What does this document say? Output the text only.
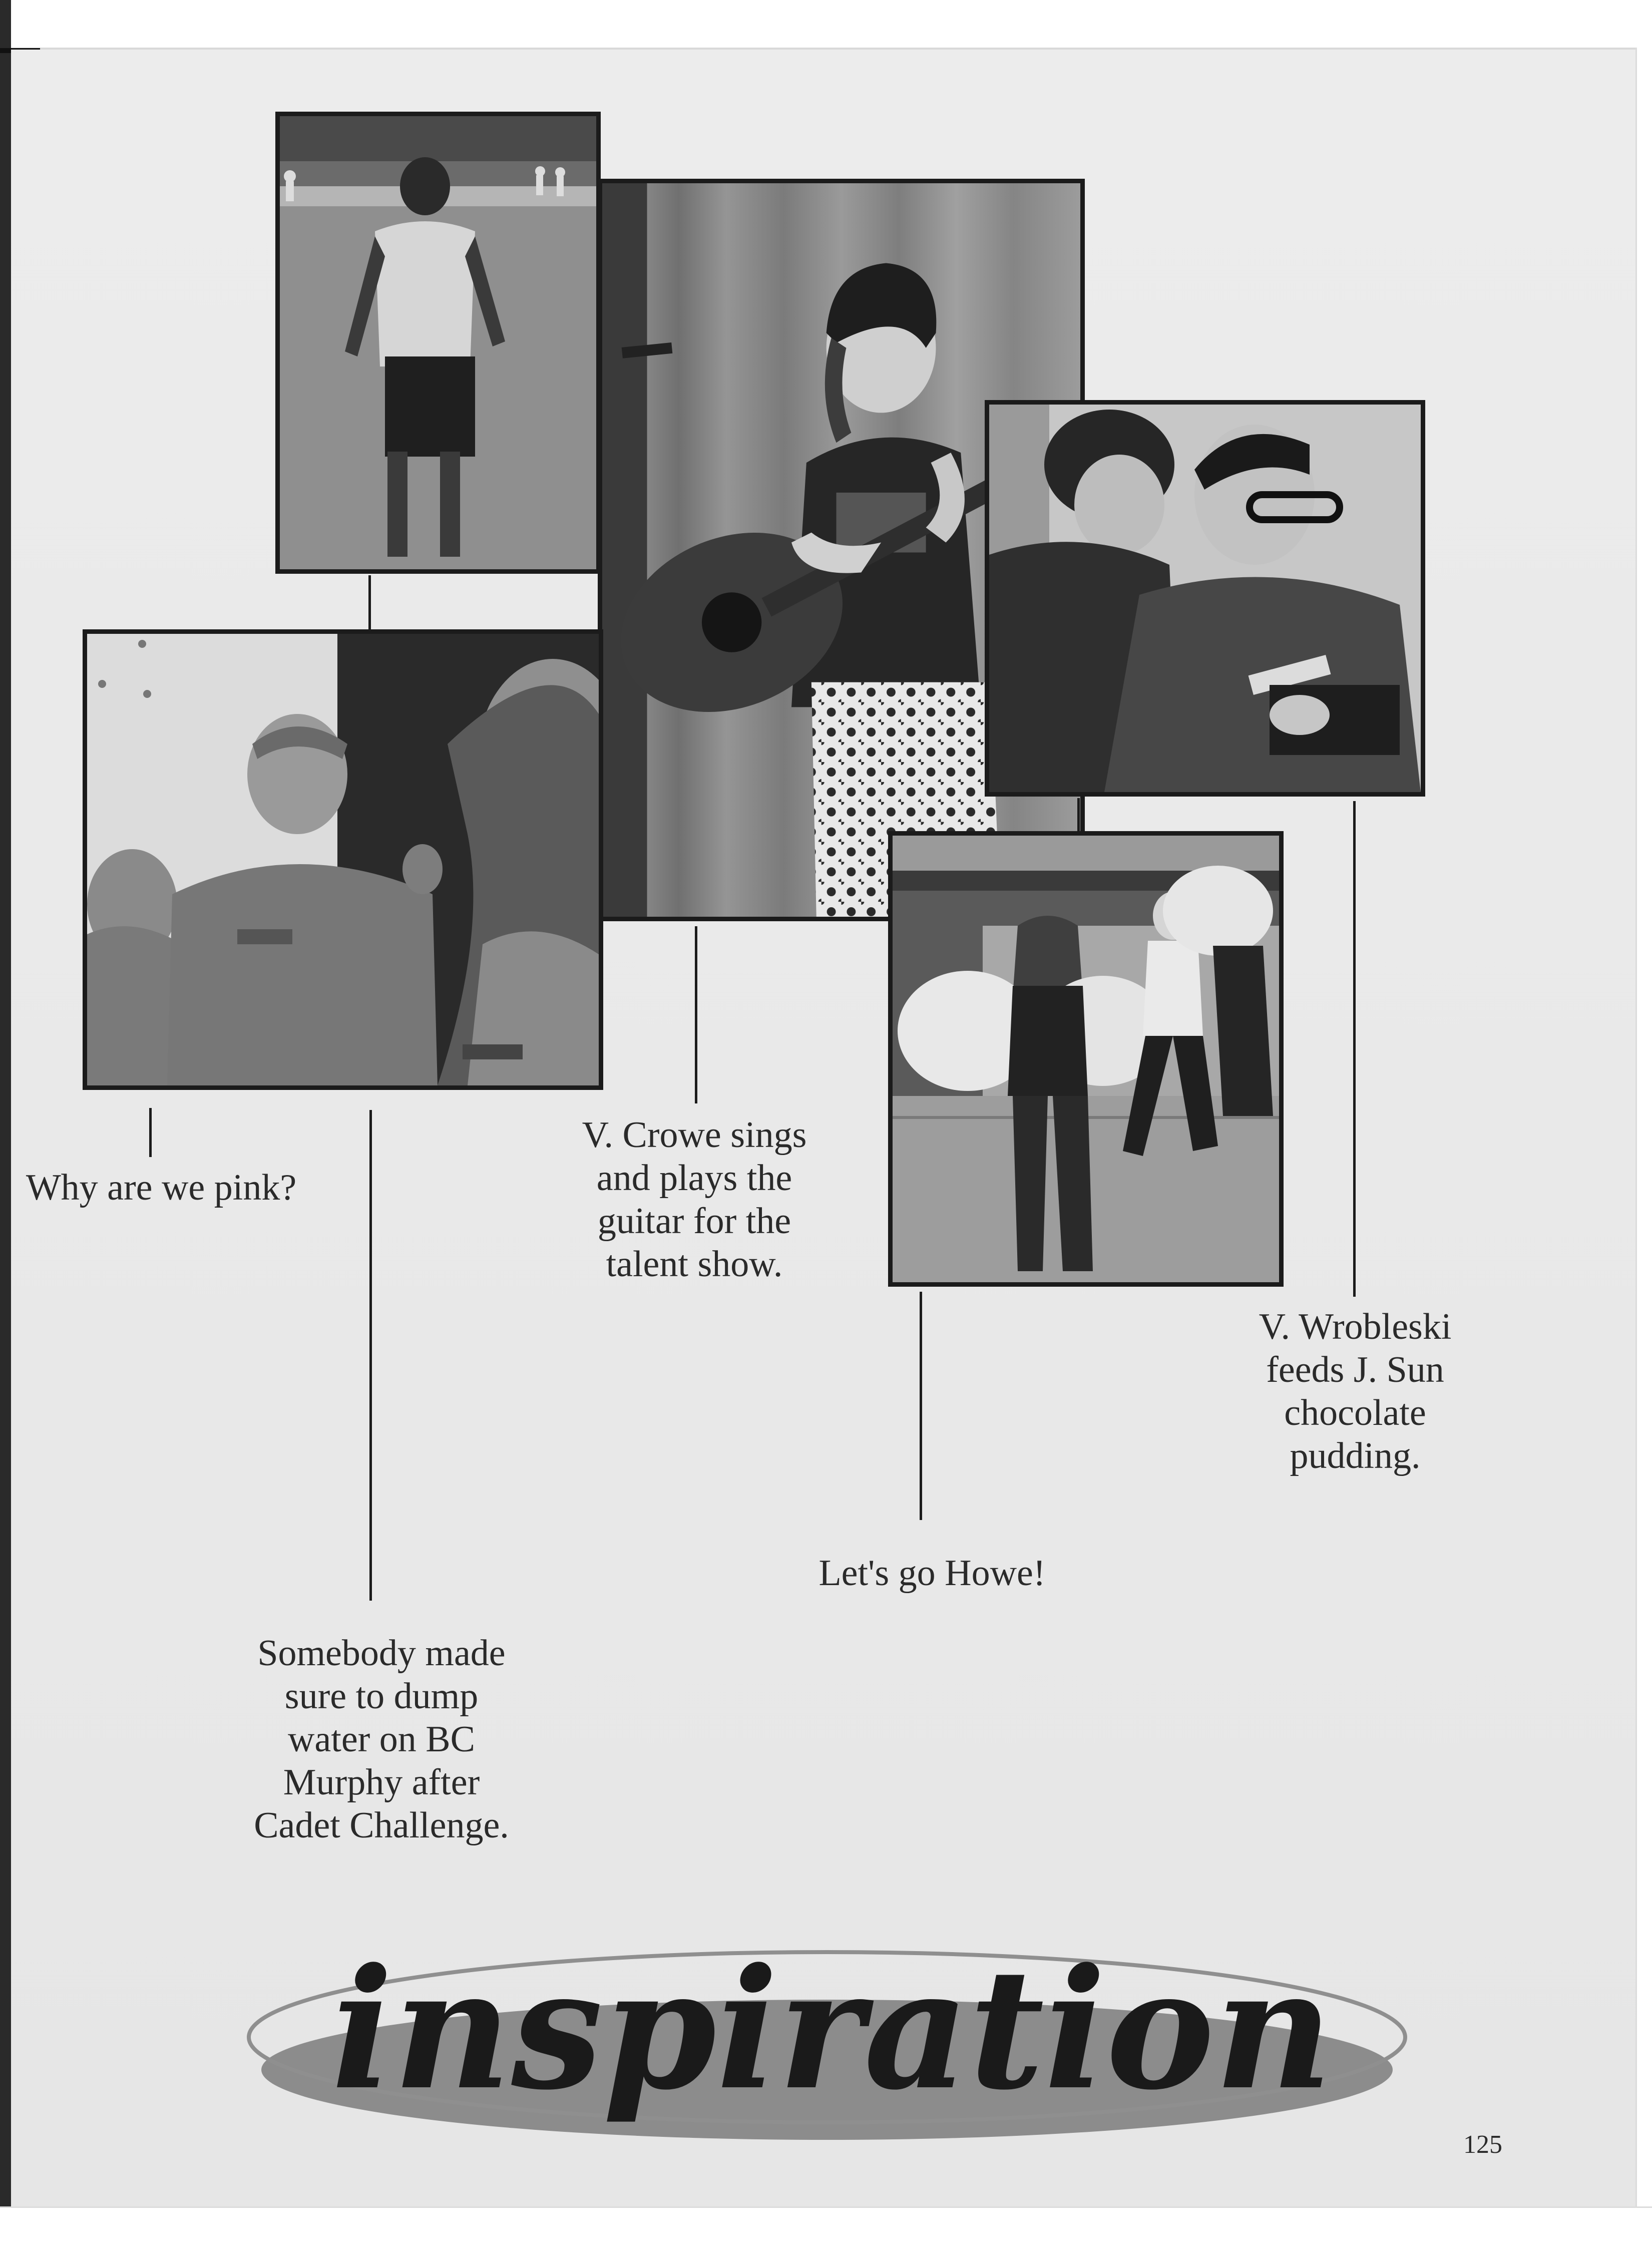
Why are we pink?
V. Crowe sings
and plays the
guitar for the
talent show.
V. Wrobleski
feeds J. Sun
chocolate
pudding.
Let's go Howe!
Somebody made
sure to dump
water on BC
Murphy after
Cadet Challenge.
inspiration
125
